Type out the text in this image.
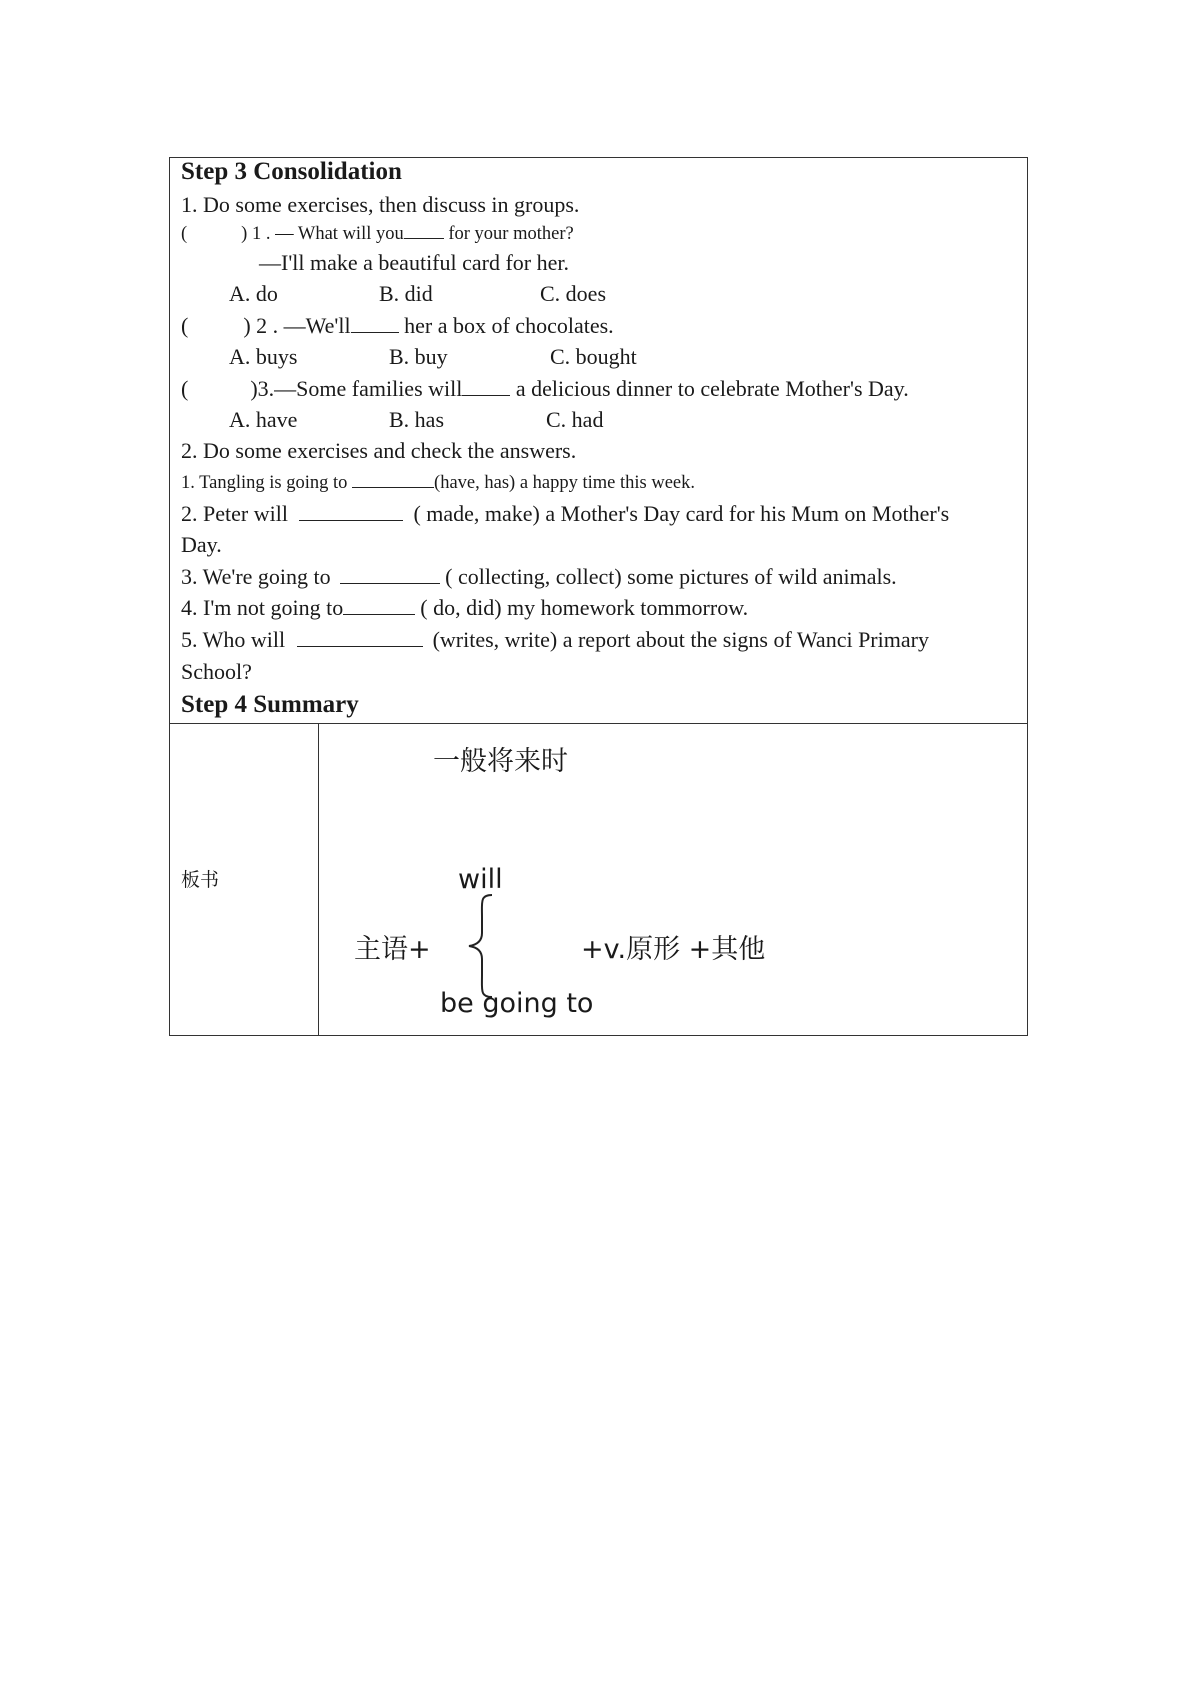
Step 3 Consolidation
1. Do some exercises, then discuss in groups.
(	) 1 . — What will you for your mother?
—I'll make a beautiful card for her.
A. do	B. did	C. does
(	) 2 . —We'll her a box of chocolates.
A. buys	B. buy	C. bought
(	)3.—Some families will a delicious dinner to celebrate Mother's Day.
A. have	B. has	C. had
2. Do some exercises and check the answers.
1. Tangling is going to	(have, has) a happy time this week.
2. Peter will	( made, make) a Mother's Day card for his Mum on Mother's
Day.
3. We're going to	( collecting, collect) some pictures of wild animals.
4. I'm not going to	( do, did) my homework tommorrow.
5. Who will	(writes, write) a report about the signs of Wanci Primary
School?
Step 4 Summary
板书
一般将来时
will
主语+	+v.原形 +其他
be going to
